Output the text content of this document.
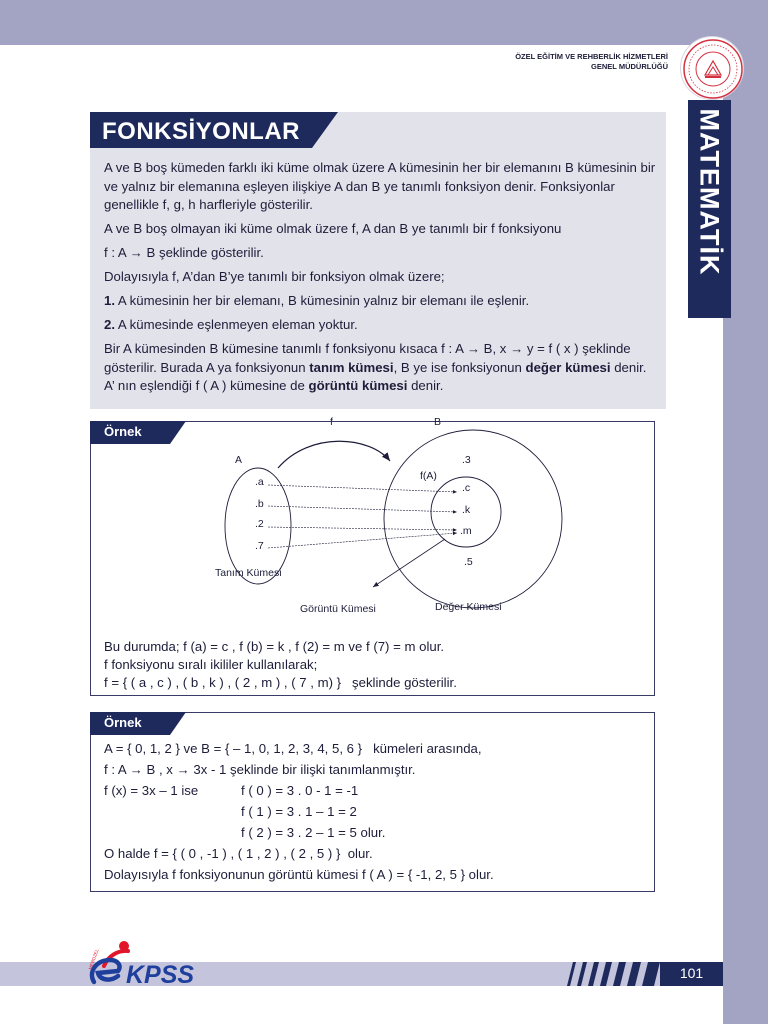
ÖZEL EĞİTİM VE REHBERLİK HİZMETLERİ
GENEL MÜDÜRLÜĞÜ
MATEMATİK
FONKSİYONLAR

A ve B boş kümeden farklı iki küme olmak üzere A kümesinin her bir elemanını B kümesinin bir ve yalnız bir elemanına eşleyen ilişkiye A dan B ye tanımlı fonksiyon denir. Fonksiyonlar genellikle f, g, h harfleriyle gösterilir.

A ve B boş olmayan iki küme olmak üzere f, A dan B ye tanımlı bir f fonksiyonu

f : A → B şeklinde gösterilir.

Dolayısıyla f, A’dan B’ye tanımlı bir fonksiyon olmak üzere;

1. A kümesinin her bir elemanı, B kümesinin yalnız bir elemanı ile eşlenir.

2. A kümesinde eşlenmeyen eleman yoktur.

Bir A kümesinden B kümesine tanımlı f fonksiyonu kısaca f : A → B, x → y = f ( x ) şeklinde gösterilir. Burada A ya fonksiyonun tanım kümesi, B ye ise fonksiyonun değer kümesi denir. A’ nın eşlendiği f ( A ) kümesine de görüntü kümesi denir.

Örnek
f
A
B
f(A)
.a
.b
.2
.7
.c
.k
.m
.3
.5
Tanım Kümesi
Görüntü Kümesi	Değer Kümesi
Bu durumda; f (a) = c , f (b) = k , f (2) = m ve f (7) = m olur.
f fonksiyonu sıralı ikililer kullanılarak;
f = { ( a , c ) , ( b , k ) , ( 2 , m ) , ( 7 , m) }   şeklinde gösterilir.
Örnek
A = { 0, 1, 2 } ve B = { – 1, 0, 1, 2, 3, 4, 5, 6 }   kümeleri arasında,
f : A → B , x → 3x - 1 şeklinde bir ilişki tanımlanmıştır.
f (x) = 3x – 1 ise	f ( 0 ) = 3 . 0 - 1 = -1
f ( 1 ) = 3 . 1 – 1 = 2
f ( 2 ) = 3 . 2 – 1 = 5 olur.
O halde f = { ( 0 , -1 ) , ( 1 , 2 ) , ( 2 , 5 ) }  olur.
Dolayısıyla f fonksiyonunun görüntü kümesi f ( A ) = { -1, 2, 5 } olur.
101
KPSS
MEBOZEL
